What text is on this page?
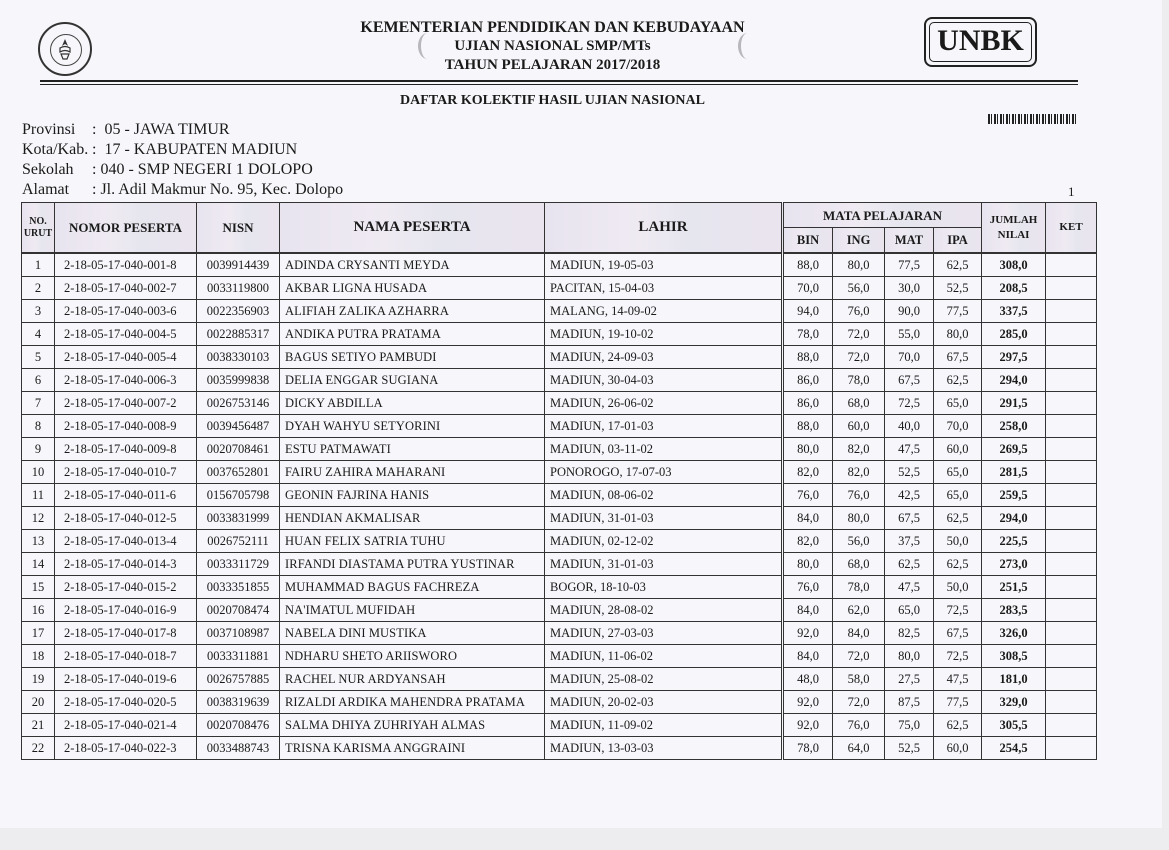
KEMENTERIAN PENDIDIKAN DAN KEBUDAYAAN
UJIAN NASIONAL SMP/MTs
TAHUN PELAJARAN 2017/2018
UNBK
DAFTAR KOLEKTIF HASIL UJIAN NASIONAL
Provinsi : 05 - JAWA TIMUR
Kota/Kab. : 17 - KABUPATEN MADIUN
Sekolah : 040 - SMP NEGERI 1 DOLOPO
Alamat : Jl. Adil Makmur No. 95, Kec. Dolopo	1
NO. URUT	NOMOR PESERTA	NISN	NAMA PESERTA	LAHIR	MATA PELAJARAN				JUMLAH NILAI	KET
					BIN	ING	MAT	IPA		
1	2-18-05-17-040-001-8	0039914439	ADINDA CRYSANTI MEYDA	MADIUN, 19-05-03	88,0	80,0	77,5	62,5	308,0	
2	2-18-05-17-040-002-7	0033119800	AKBAR LIGNA HUSADA	PACITAN, 15-04-03	70,0	56,0	30,0	52,5	208,5	
3	2-18-05-17-040-003-6	0022356903	ALIFIAH ZALIKA AZHARRA	MALANG, 14-09-02	94,0	76,0	90,0	77,5	337,5	
4	2-18-05-17-040-004-5	0022885317	ANDIKA PUTRA PRATAMA	MADIUN, 19-10-02	78,0	72,0	55,0	80,0	285,0	
5	2-18-05-17-040-005-4	0038330103	BAGUS SETIYO PAMBUDI	MADIUN, 24-09-03	88,0	72,0	70,0	67,5	297,5	
6	2-18-05-17-040-006-3	0035999838	DELIA ENGGAR SUGIANA	MADIUN, 30-04-03	86,0	78,0	67,5	62,5	294,0	
7	2-18-05-17-040-007-2	0026753146	DICKY ABDILLA	MADIUN, 26-06-02	86,0	68,0	72,5	65,0	291,5	
8	2-18-05-17-040-008-9	0039456487	DYAH WAHYU SETYORINI	MADIUN, 17-01-03	88,0	60,0	40,0	70,0	258,0	
9	2-18-05-17-040-009-8	0020708461	ESTU PATMAWATI	MADIUN, 03-11-02	80,0	82,0	47,5	60,0	269,5	
10	2-18-05-17-040-010-7	0037652801	FAIRU ZAHIRA MAHARANI	PONOROGO, 17-07-03	82,0	82,0	52,5	65,0	281,5	
11	2-18-05-17-040-011-6	0156705798	GEONIN FAJRINA HANIS	MADIUN, 08-06-02	76,0	76,0	42,5	65,0	259,5	
12	2-18-05-17-040-012-5	0033831999	HENDIAN AKMALISAR	MADIUN, 31-01-03	84,0	80,0	67,5	62,5	294,0	
13	2-18-05-17-040-013-4	0026752111	HUAN FELIX SATRIA TUHU	MADIUN, 02-12-02	82,0	56,0	37,5	50,0	225,5	
14	2-18-05-17-040-014-3	0033311729	IRFANDI DIASTAMA PUTRA YUSTINAR	MADIUN, 31-01-03	80,0	68,0	62,5	62,5	273,0	
15	2-18-05-17-040-015-2	0033351855	MUHAMMAD BAGUS FACHREZA	BOGOR, 18-10-03	76,0	78,0	47,5	50,0	251,5	
16	2-18-05-17-040-016-9	0020708474	NA'IMATUL MUFIDAH	MADIUN, 28-08-02	84,0	62,0	65,0	72,5	283,5	
17	2-18-05-17-040-017-8	0037108987	NABELA DINI MUSTIKA	MADIUN, 27-03-03	92,0	84,0	82,5	67,5	326,0	
18	2-18-05-17-040-018-7	0033311881	NDHARU SHETO ARIISWORO	MADIUN, 11-06-02	84,0	72,0	80,0	72,5	308,5	
19	2-18-05-17-040-019-6	0026757885	RACHEL NUR ARDYANSAH	MADIUN, 25-08-02	48,0	58,0	27,5	47,5	181,0	
20	2-18-05-17-040-020-5	0038319639	RIZALDI ARDIKA MAHENDRA PRATAMA	MADIUN, 20-02-03	92,0	72,0	87,5	77,5	329,0	
21	2-18-05-17-040-021-4	0020708476	SALMA DHIYA ZUHRIYAH ALMAS	MADIUN, 11-09-02	92,0	76,0	75,0	62,5	305,5	
22	2-18-05-17-040-022-3	0033488743	TRISNA KARISMA ANGGRAINI	MADIUN, 13-03-03	78,0	64,0	52,5	60,0	254,5	
